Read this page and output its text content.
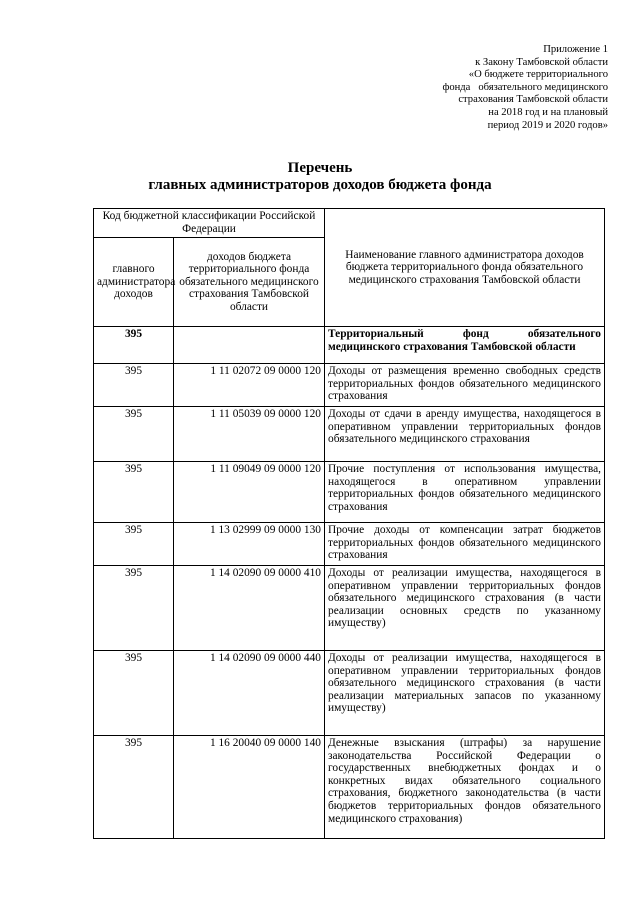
Приложение 1
к Закону Тамбовской области
«О бюджете территориального
фонда   обязательного медицинского
страхования Тамбовской области
на 2018 год и на плановый
период 2019 и 2020 годов»
Перечень
главных администраторов доходов бюджета фонда
Код бюджетной классификации Российской Федерации		Наименование главного администратора доходов бюджета территориального фонда обязательного медицинского страхования Тамбовской области
главного администратора доходов	доходов бюджета территориального фонда обязательного медицинского страхования Тамбовской области	
395		Территориальный фонд обязательного медицинского страхования Тамбовской области
395	1 11 02072 09 0000 120	Доходы от размещения временно свободных средств территориальных фондов обязательного медицинского страхования
395	1 11 05039 09 0000 120	Доходы от сдачи в аренду имущества, находящегося в оперативном управлении территориальных фондов обязательного медицинского страхования
395	1 11 09049 09 0000 120	Прочие поступления от использования имущества, находящегося в оперативном управлении территориальных фондов обязательного медицинского страхования
395	1 13 02999 09 0000 130	Прочие доходы от компенсации затрат бюджетов территориальных фондов обязательного медицинского страхования
395	1 14 02090 09 0000 410	Доходы от реализации имущества, находящегося в оперативном управлении территориальных фондов обязательного медицинского страхования (в части реализации основных средств по указанному имуществу)
395	1 14 02090 09 0000 440	Доходы от реализации имущества, находящегося в оперативном управлении территориальных фондов обязательного медицинского страхования (в части реализации материальных запасов по указанному имуществу)
395	1 16 20040 09 0000 140	Денежные взыскания (штрафы) за нарушение законодательства Российской Федерации о государственных внебюджетных фондах и о конкретных видах обязательного социального страхования, бюджетного законодательства (в части бюджетов территориальных фондов обязательного медицинского страхования)
